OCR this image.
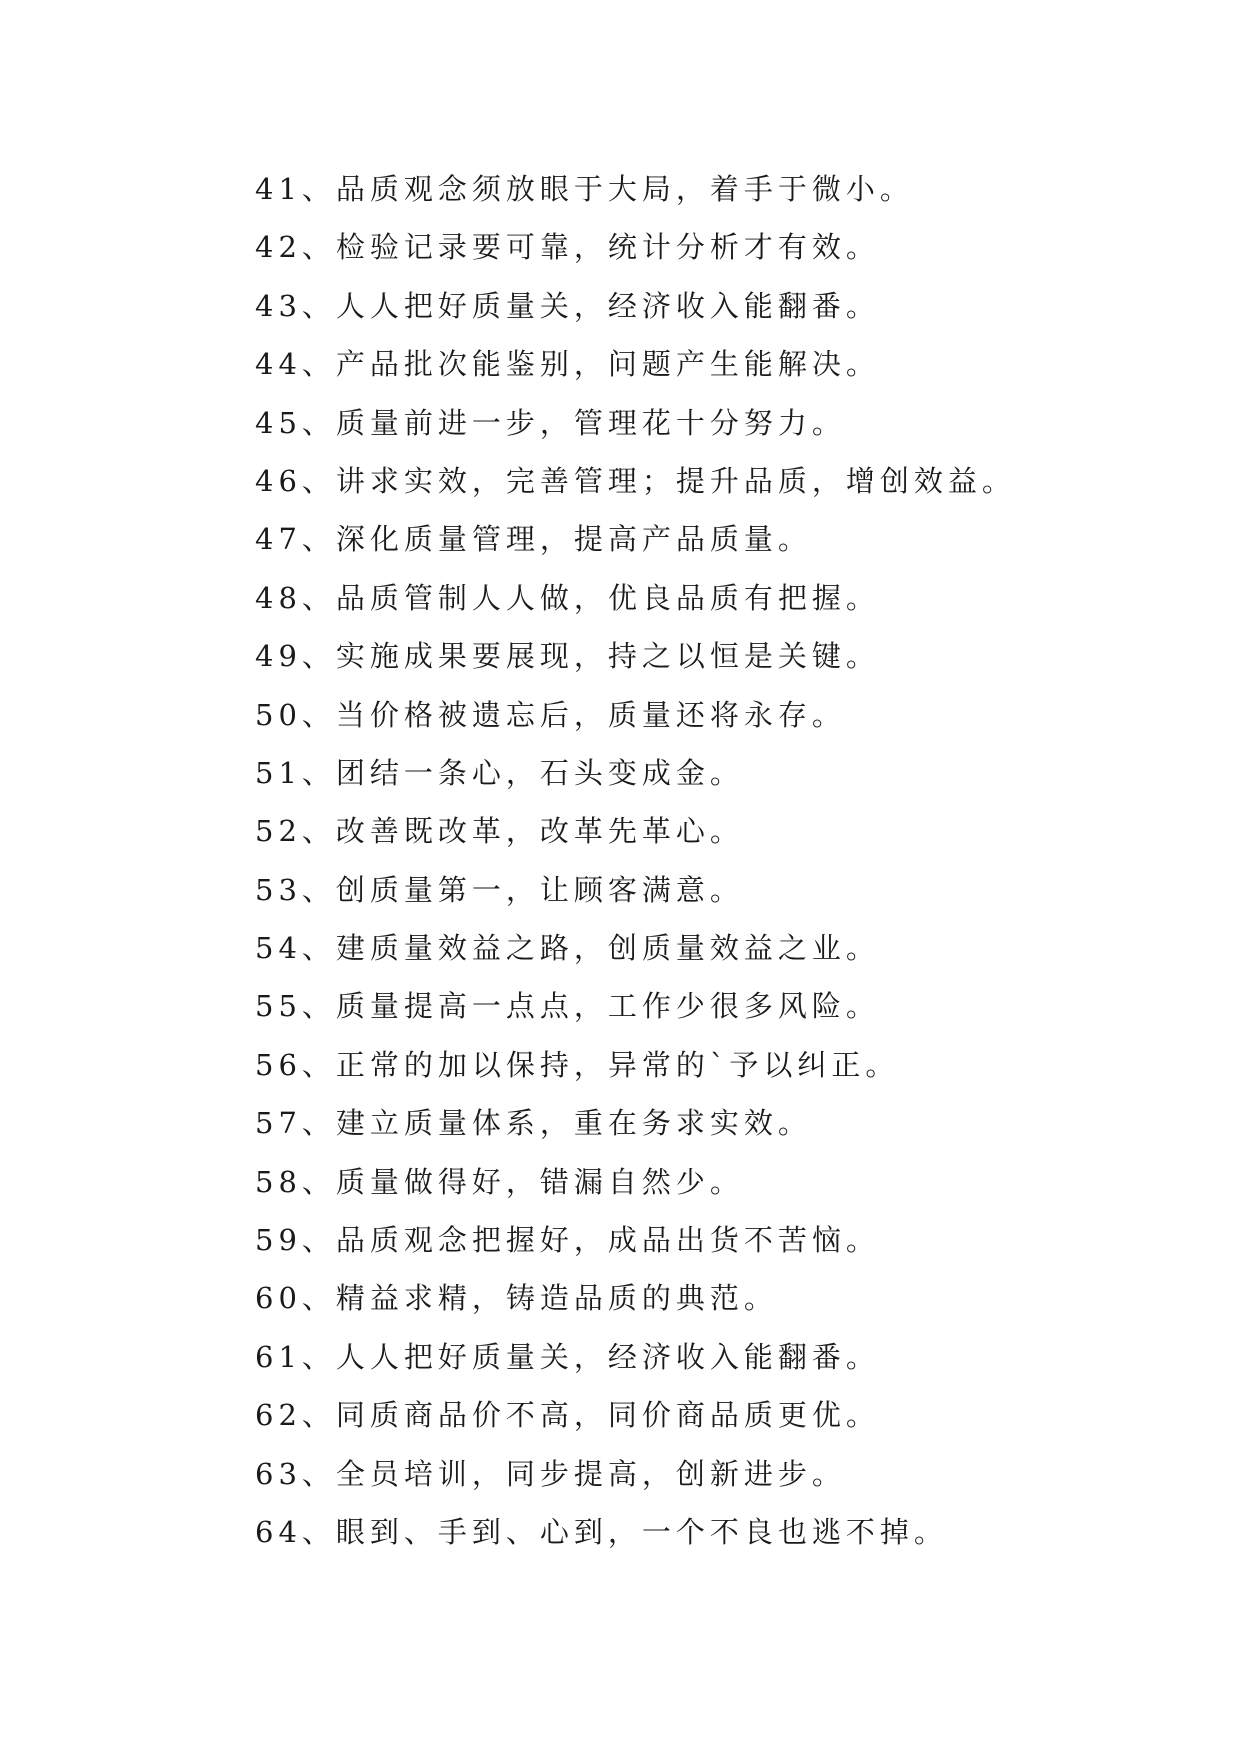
41、品质观念须放眼于大局，着手于微小。
42、检验记录要可靠，统计分析才有效。
43、人人把好质量关，经济收入能翻番。
44、产品批次能鉴别，问题产生能解决。
45、质量前进一步，管理花十分努力。
46、讲求实效，完善管理；提升品质，增创效益。
47、深化质量管理，提高产品质量。
48、品质管制人人做，优良品质有把握。
49、实施成果要展现，持之以恒是关键。
50、当价格被遗忘后，质量还将永存。
51、团结一条心，石头变成金。
52、改善既改革，改革先革心。
53、创质量第一，让顾客满意。
54、建质量效益之路，创质量效益之业。
55、质量提高一点点，工作少很多风险。
56、正常的加以保持，异常的`予以纠正。
57、建立质量体系，重在务求实效。
58、质量做得好，错漏自然少。
59、品质观念把握好，成品出货不苦恼。
60、精益求精，铸造品质的典范。
61、人人把好质量关，经济收入能翻番。
62、同质商品价不高，同价商品质更优。
63、全员培训，同步提高，创新进步。
64、眼到、手到、心到，一个不良也逃不掉。
